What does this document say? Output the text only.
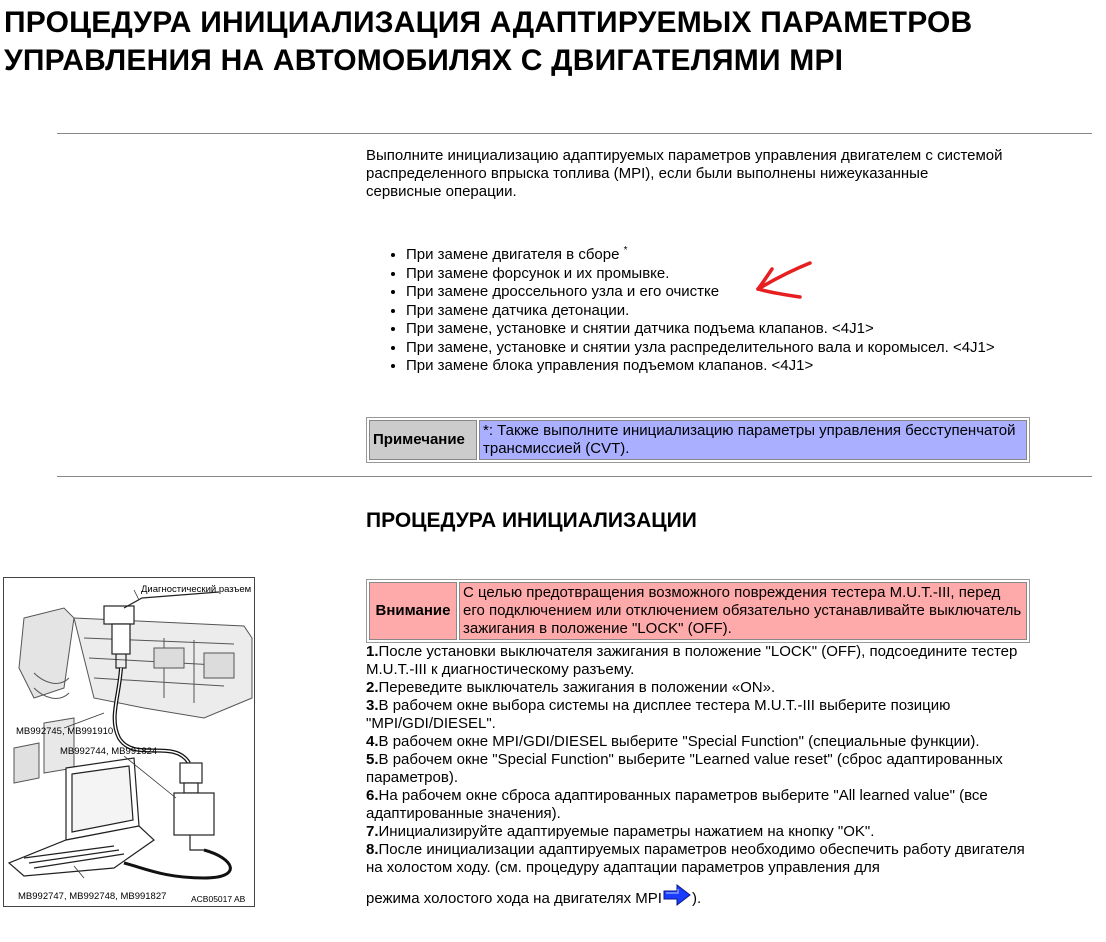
ПРОЦЕДУРА ИНИЦИАЛИЗАЦИЯ АДАПТИРУЕМЫХ ПАРАМЕТРОВ
УПРАВЛЕНИЯ НА АВТОМОБИЛЯХ С ДВИГАТЕЛЯМИ MPI

Выполните инициализацию адаптируемых параметров управления двигателем с системой распределенного впрыска топлива (MPI), если были выполнены нижеуказанные сервисные операции.

• При замене двигателя в сборе *
• При замене форсунок и их промывке.
• При замене дроссельного узла и его очистке
• При замене датчика детонации.
• При замене, установке и снятии датчика подъема клапанов. <4J1>
• При замене, установке и снятии узла распределительного вала и коромысел. <4J1>
• При замене блока управления подъемом клапанов. <4J1>
Примечание	*: Также выполните инициализацию параметры управления бесступенчатой трансмиссией (CVT).
ПРОЦЕДУРА ИНИЦИАЛИЗАЦИИ
Диагностический разъем
MB992745, MB991910
MB992744, MB991824
MB992747, MB992748, MB991827	ACB05017 AB
Внимание	С целью предотвращения возможного повреждения тестера M.U.T.-III, перед его подключением или отключением обязательно устанавливайте выключатель зажигания в положение "LOCK" (OFF).

1.После установки выключателя зажигания в положение "LOCK" (OFF), подсоедините тестер M.U.T.-III к диагностическому разъему.

2.Переведите выключатель зажигания в положении «ON».

3.В рабочем окне выбора системы на дисплее тестера M.U.T.-III выберите позицию "MPI/GDI/DIESEL".

4.В рабочем окне MPI/GDI/DIESEL выберите "Special Function" (специальные функции).

5.В рабочем окне "Special Function" выберите "Learned value reset" (сброс адаптированных параметров).

6.На рабочем окне сброса адаптированных параметров выберите "All learned value" (все адаптированные значения).

7.Инициализируйте адаптируемые параметры нажатием на кнопку "OK".

8.После инициализации адаптируемых параметров необходимо обеспечить работу двигателя на холостом ходу. (см. процедуру адаптации параметров управления для

режима холостого хода на двигателях MPI ).
